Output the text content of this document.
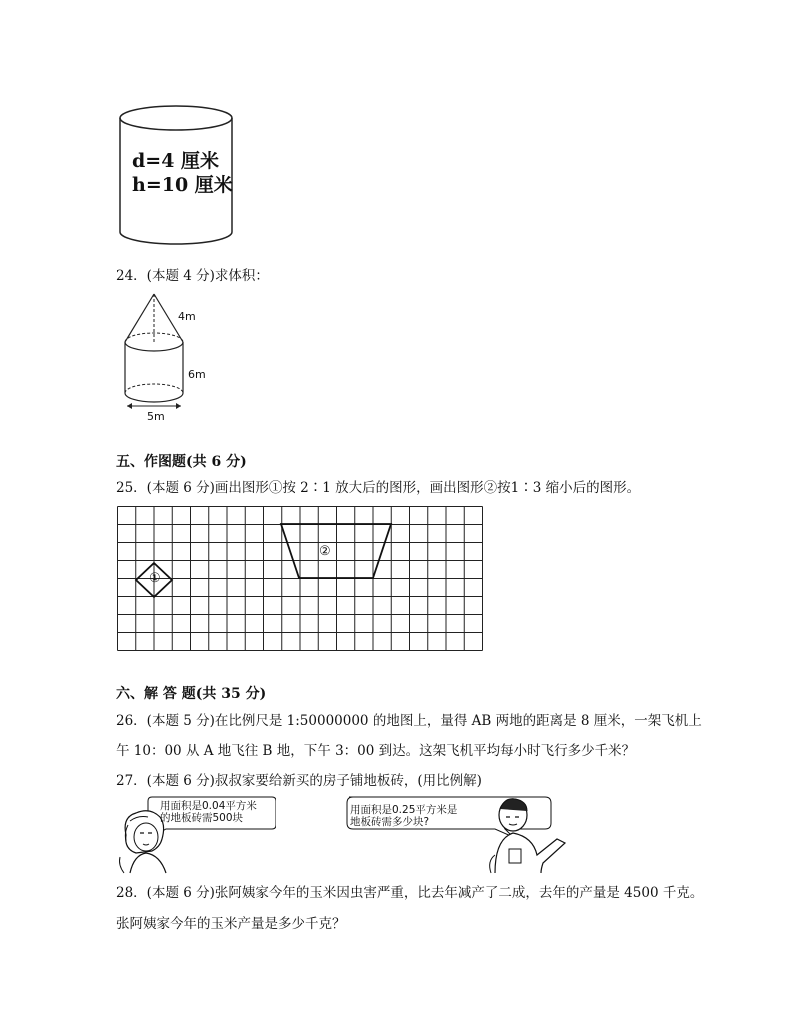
d=4 厘米
h=10 厘米
24．(本题 4 分)求体积：
4m
6m
5m
五、作图题(共 6 分)
25．(本题 6 分)画出图形①按 2∶1 放大后的图形，画出图形②按1∶3 缩小后的图形。
①
②
六、解 答 题(共 35 分)
26．(本题 5 分)在比例尺是 1:50000000 的地图上，量得 AB 两地的距离是 8 厘米，一架飞机上
午 10：00 从 A 地飞往 B 地，下午 3：00 到达。这架飞机平均每小时飞行多少千米？
27．(本题 6 分)叔叔家要给新买的房子铺地板砖，(用比例解)
用面积是0.04平方米
的地板砖需500块
用面积是0.25平方米是
地板砖需多少块?
28．(本题 6 分)张阿姨家今年的玉米因虫害严重，比去年减产了二成，去年的产量是 4500 千克。
张阿姨家今年的玉米产量是多少千克？
